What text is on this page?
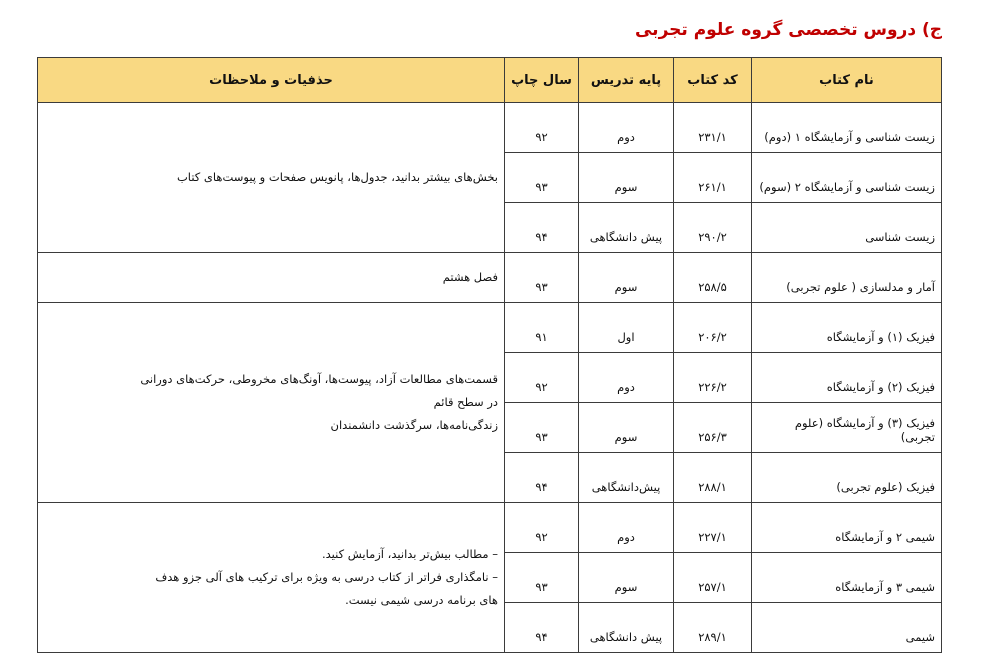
ج) دروس تخصصی گروه علوم تجربی
نام کتاب	کد کتاب	پایه تدریس	سال چاپ	حذفیات و ملاحظات
زیست شناسی و آزمایشگاه ۱ (دوم)	۲۳۱/۱	دوم	۹۲	بخش‌های بیشتر بدانید، جدول‌ها، پانویس صفحات و پیوست‌های کتاب

زیست شناسی و آزمایشگاه ۲ (سوم)	۲۶۱/۱	سوم	۹۳	
زیست شناسی	۲۹۰/۲	پیش دانشگاهی	۹۴	
آمار و مدلسازی ( علوم تجربی)	۲۵۸/۵	سوم	۹۳	فصل هشتم

فیزیک (۱) و آزمایشگاه	۲۰۶/۲	اول	۹۱	قسمت‌های مطالعات آزاد، پیوست‌ها، آونگ‌های مخروطی، حرکت‌های دورانی
در سطح قائم
زندگی‌نامه‌ها، سرگذشت دانشمندان

فیزیک (۲) و آزمایشگاه	۲۲۶/۲	دوم	۹۲	
فیزیک (۳) و آزمایشگاه (علوم تجربی)	۲۵۶/۳	سوم	۹۳	
فیزیک (علوم تجربی)	۲۸۸/۱	پیش‌دانشگاهی	۹۴	
شیمی ۲ و آزمایشگاه	۲۲۷/۱	دوم	۹۲	– مطالب بیش‌تر بدانید، آزمایش کنید.
– نامگذاری فراتر از کتاب درسی به ویژه برای ترکیب های آلی جزو هدف
های برنامه درسی شیمی نیست.

شیمی ۳ و آزمایشگاه	۲۵۷/۱	سوم	۹۳	
شیمی	۲۸۹/۱	پیش دانشگاهی	۹۴	
